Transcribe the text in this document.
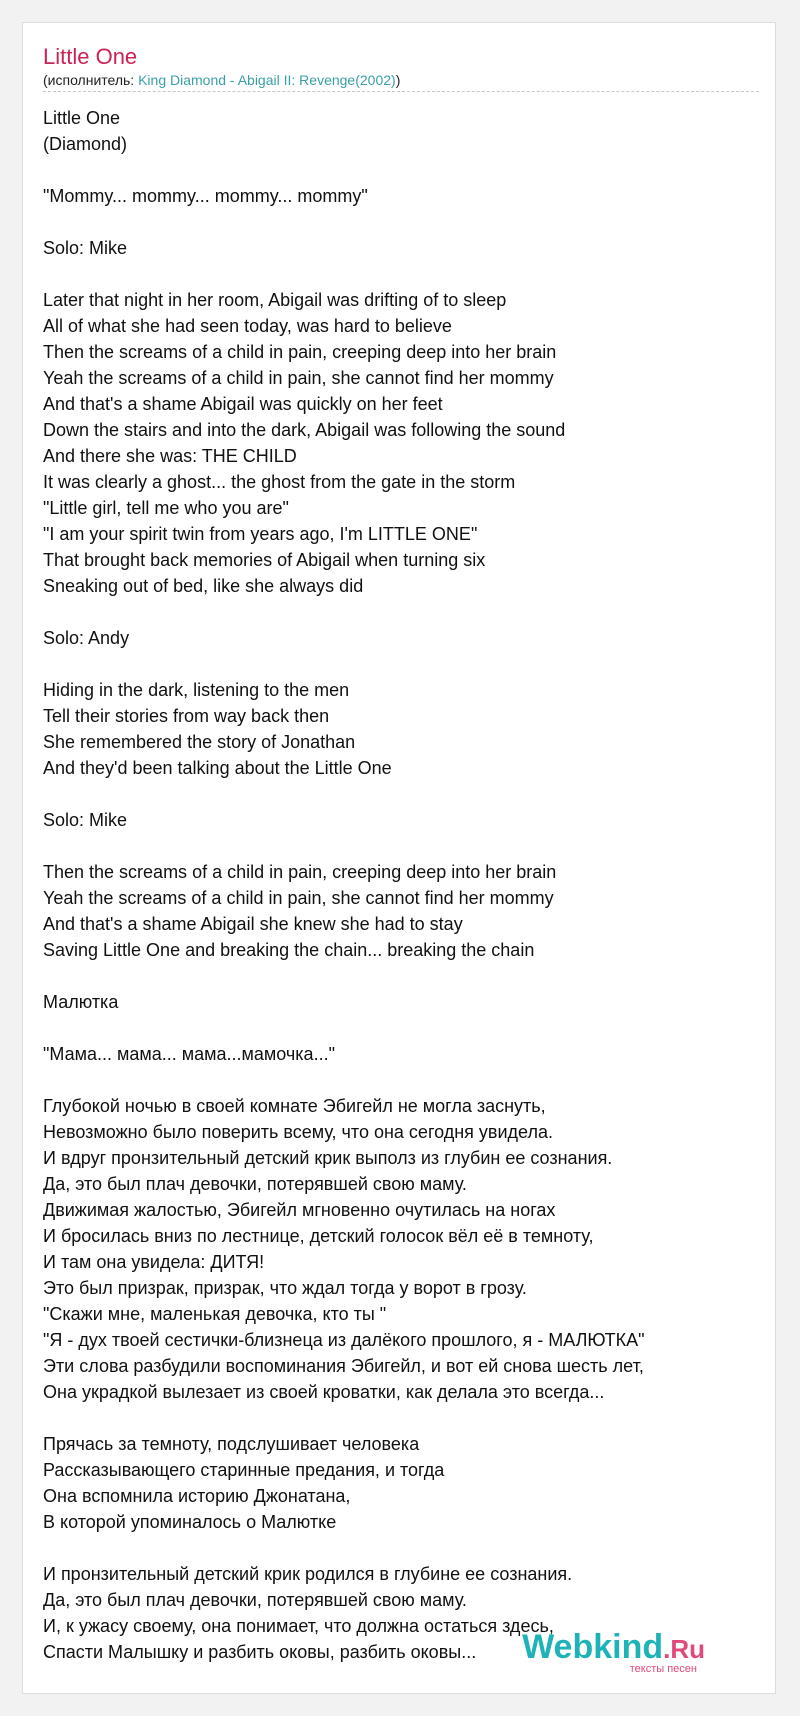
Little One
(исполнитель: King Diamond - Abigail II: Revenge(2002))
Little One
(Diamond)
"Mommy... mommy... mommy... mommy"
Solo: Mike
Later that night in her room, Abigail was drifting of to sleep
All of what she had seen today, was hard to believe
Then the screams of a child in pain, creeping deep into her brain
Yeah the screams of a child in pain, she cannot find her mommy
And that's a shame Abigail was quickly on her feet
Down the stairs and into the dark, Abigail was following the sound
And there she was: THE CHILD
It was clearly a ghost... the ghost from the gate in the storm
"Little girl, tell me who you are"
"I am your spirit twin from years ago, I'm LITTLE ONE"
That brought back memories of Abigail when turning six
Sneaking out of bed, like she always did
Solo: Andy
Hiding in the dark, listening to the men
Tell their stories from way back then
She remembered the story of Jonathan
And they'd been talking about the Little One
Solo: Mike
Then the screams of a child in pain, creeping deep into her brain
Yeah the screams of a child in pain, she cannot find her mommy
And that's a shame Abigail she knew she had to stay
Saving Little One and breaking the chain... breaking the chain
Малютка
"Мама... мама... мама...мамочка..."
Глубокой ночью в своей комнате Эбигейл не могла заснуть,
Невозможно было поверить всему, что она сегодня увидела.
И вдруг пронзительный детский крик выполз из глубин ее сознания.
Да, это был плач девочки, потерявшей свою маму.
Движимая жалостью, Эбигейл мгновенно очутилась на ногах
И бросилась вниз по лестнице, детский голосок вёл её в темноту,
И там она увидела: ДИТЯ!
Это был призрак, призрак, что ждал тогда у ворот в грозу.
"Скажи мне, маленькая девочка, кто ты "
"Я - дух твоей сестички-близнеца из далёкого прошлого, я - МАЛЮТКА"
Эти слова разбудили воспоминания Эбигейл, и вот ей снова шесть лет,
Она украдкой вылезает из своей кроватки, как делала это всегда...
Прячась за темноту, подслушивает человека
Рассказывающего старинные предания, и тогда
Она вспомнила историю Джонатана,
В которой упоминалось о Малютке
И пронзительный детский крик родился в глубине ее сознания.
Да, это был плач девочки, потерявшей свою маму.
И, к ужасу своему, она понимает, что должна остаться здесь,
Спасти Малышку и разбить оковы, разбить оковы...	Webkind.Ru
тексты песен
